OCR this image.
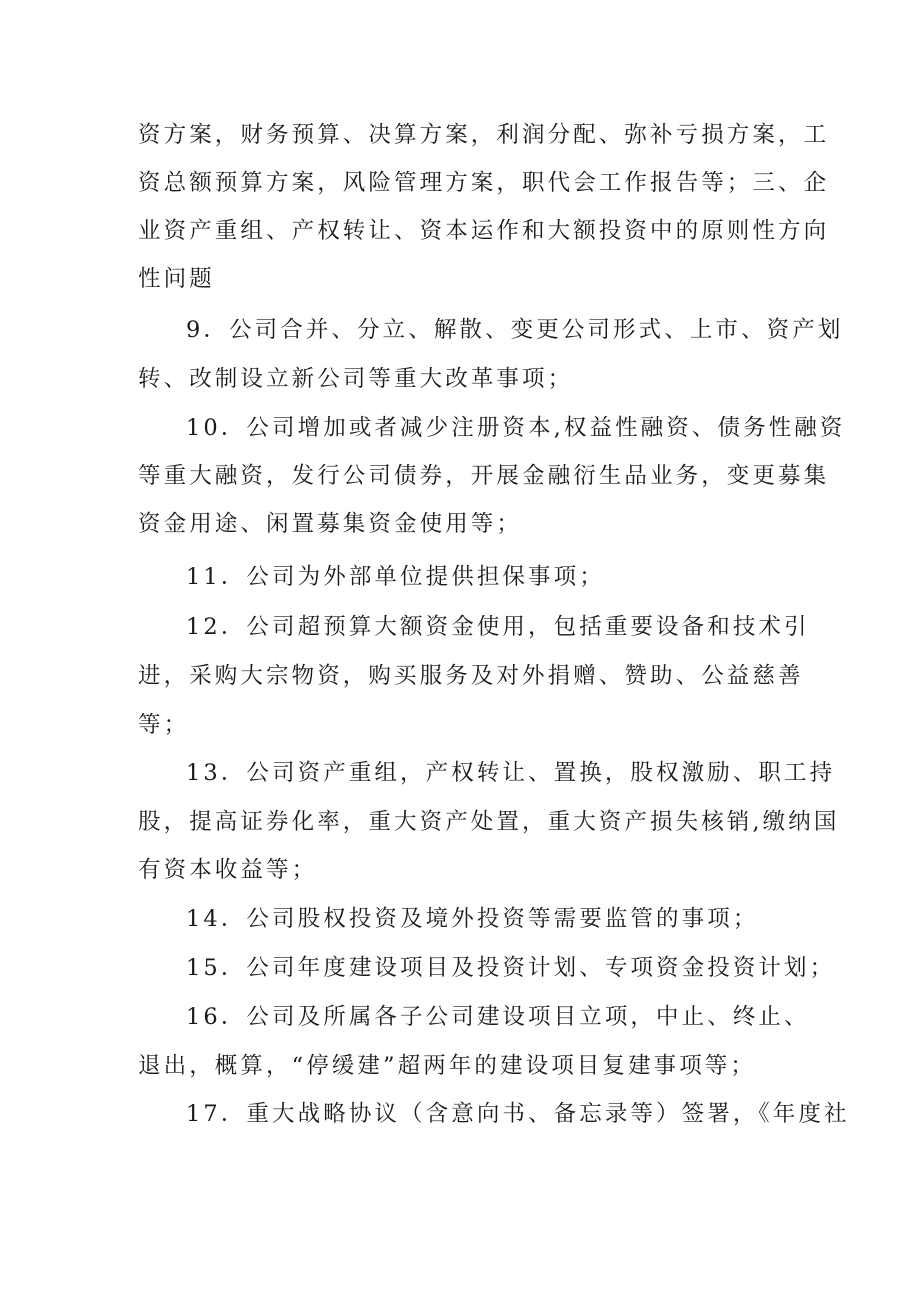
资方案，财务预算、决算方案，利润分配、弥补亏损方案，工
资总额预算方案，风险管理方案，职代会工作报告等；三、企
业资产重组、产权转让、资本运作和大额投资中的原则性方向
性问题
9．公司合并、分立、解散、变更公司形式、上市、资产划
转、改制设立新公司等重大改革事项；
10．公司增加或者减少注册资本,权益性融资、债务性融资
等重大融资，发行公司债券，开展金融衍生品业务，变更募集
资金用途、闲置募集资金使用等；
11．公司为外部单位提供担保事项；
12．公司超预算大额资金使用，包括重要设备和技术引
进，采购大宗物资，购买服务及对外捐赠、赞助、公益慈善
等；
13．公司资产重组，产权转让、置换，股权激励、职工持
股，提高证券化率，重大资产处置，重大资产损失核销,缴纳国
有资本收益等；
14．公司股权投资及境外投资等需要监管的事项；
15．公司年度建设项目及投资计划、专项资金投资计划；
16．公司及所属各子公司建设项目立项，中止、终止、
退出，概算，“停缓建”超两年的建设项目复建事项等；
17．重大战略协议（含意向书、备忘录等）签署，《年度社
